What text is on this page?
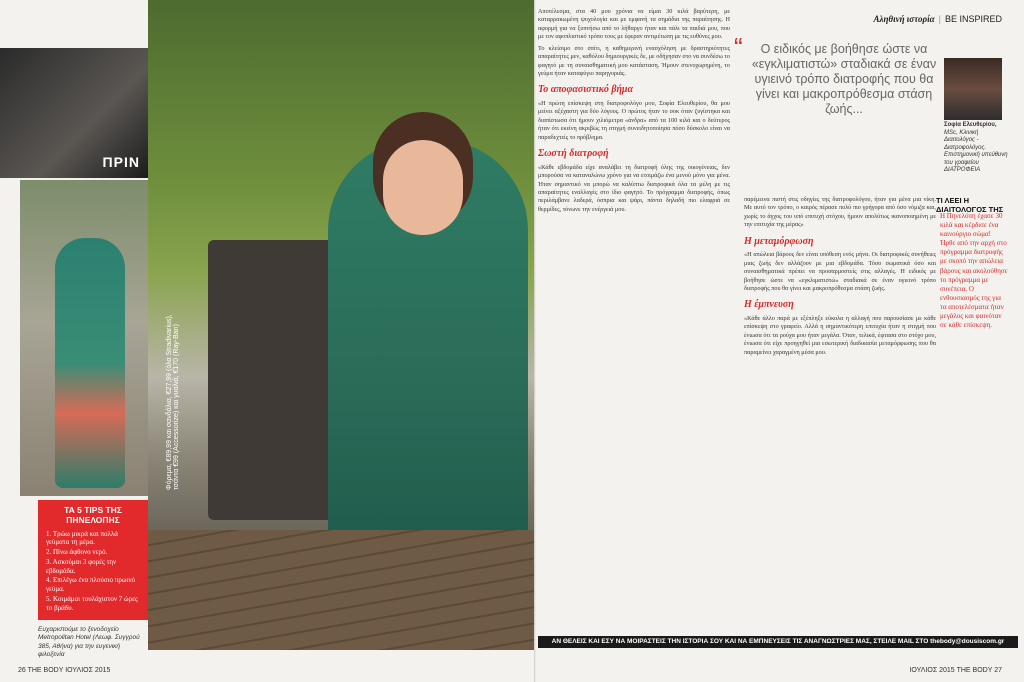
ΠΡΙΝ
Φόρεμα, €89,99 και σανδάλια, €27,99 (όλα Stradivarius), τσάντα €99 (Accessorize) και γυαλιά, €170 (Ray-Ban)
ΤΑ 5 TIPS ΤΗΣ ΠΗΝΕΛΟΠΗΣ
1. Τρώω μικρά και πολλά γεύματα τη μέρα.
2. Πίνω άφθονο νερό.
3. Ασκούμαι 3 φορές την εβδομάδα.
4. Επιλέγω ένα πλούσιο πρωινό γεύμα.
5. Κοιμάμαι τουλάχιστον 7 ώρες το βράδυ.
Ευχαριστούμε το ξενοδοχείο Metropolitan Hotel (Λεωφ. Συγγρού 385, Αθήνα) για την ευγενική φιλοξενία
26 THE BODY ΙΟΥΛΙΟΣ 2015
Αληθινή ιστορία | BE INSPIRED

Αποτέλεσμα, στα 40 μου χρόνια να είμαι 30 κιλά βαρύτερη, με καταρρακωμένη ψυχολογία και με εμφανή τα σημάδια της παραίτησης. Η αφορμή για να ξυπνήσω από το λήθαργο ήταν και πάλι τα παιδιά μου, που με τον αφοπλιστικό τρόπο τους με έφεραν αντιμέτωπη με τις ευθύνες μου.

Το κλείσιμο στο σπίτι, η καθημερινή ενασχόληση με δραστηριότητες απαραίτητες μεν, καθόλου δημιουργικές δε, με οδήγησαν στο να συνδέσω το φαγητό με τη συναισθηματική μου κατάσταση. Ήμουν στενοχωρημένη, το γεύμα ήταν καταφύγιο παρηγοριάς.

Το αποφασιστικό βήμα

«Η πρώτη επίσκεψη στη διατροφολόγο μου, Σοφία Ελευθερίου, θα μου μείνει αξέχαστη για δύο λόγους. Ο πρώτος ήταν το σοκ όταν ζυγίστηκα και διαπίστωσα ότι ήμουν χιλιόμετρα «άνδρα» από τα 100 κιλά και ο δεύτερος ήταν ότι εκείνη ακριβώς τη στιγμή συνειδητοποίησα πόσο δύσκολο είναι να παραδεχτείς το πρόβλημα.

Σωστή διατροφή

«Κάθε εβδομάδα είχε αναλάβει τη διατροφή όλης της οικογένειας, δεν μπορούσα να καταναλώνω χρόνο για να ετοιμάζω ένα μενού μόνο για μένα. Ήταν σημαντικό να μπορώ να καλύπτω διατροφικά όλα τα μέλη με τις απαραίτητες εναλλαγές στο ίδιο φαγητό. Το πρόγραμμα διατροφής, όπως περιλάμβανε λαδερά, όσπρια και ψάρι, πάντα δηλαδή πιο ελαφριά σε θερμίδες, τόνωνε την ενέργειά μου.

“ Ο ειδικός με βοήθησε ώστε να «εγκλιματιστώ» σταδιακά σε έναν υγιεινό τρόπο διατροφής που θα γίνει και μακροπρόθεσμα στάση ζωής...

παρέμεινα πιστή στις οδηγίες της διατροφολόγου, ήταν για μένα μια νίκη. Με αυτό τον τρόπο, ο καιρός πέρασε πολύ πιο γρήγορα από όσο νόμιζα και, χωρίς το άγχος του υπό επιτυχή στόχου, ήμουν απολύτως ικανοποιημένη με την επιτυχία της μέρας»

Η μεταμόρφωση

«Η απώλεια βάρους δεν είναι υπόθεση ενός μήνα. Οι διατροφικές συνήθειες μιας ζωής δεν αλλάζουν με μια εβδομάδα. Τόσο σωματικά όσο και συναισθηματικά πρέπει να προσαρμοστείς στις αλλαγές. Η ειδικός με βοήθησε ώστε να «εγκλιματιστώ» σταδιακά σε έναν υγιεινό τρόπο διατροφής που θα γίνει και μακροπρόθεσμα στάση ζωής.

Η έμπνευση

«Κάθε άλλο παρά με εξέπληξε εύκολα η αλλαγή που παρουσίασε με κάθε επίσκεψη στο γραφείο. Αλλά η σημαντικότερη επιτυχία ήταν η στιγμή που ένιωσα ότι τα ρούχα μου ήταν μεγάλα. Όταν, τελικά, έφτασα στο στόχο μου, ένιωσα ότι είχε προηγηθεί μια εσωτερική διαδικασία μεταμόρφωσης που θα παραμείνει χαραγμένη μέσα μου.

Σοφία Ελευθερίου, MSc, Κλινική Διαιτολόγος - Διατροφολόγος. Επιστημονική υπεύθυνη του γραφείου ΔΙΑΤΡΟΦΕΙΑ
ΤΙ ΛΕΕΙ Η ΔΙΑΙΤΟΛΟΓΟΣ ΤΗΣ
Η Πηνελόπη έχασε 30 κιλά και κέρδισε ένα καινούργιο σώμα! Ήρθε από την αρχή στο πρόγραμμα διατροφής με σκοπό την απώλεια βάρους και ακολούθησε το πρόγραμμα με συνέπεια. Ο ενθουσιασμός της για τα αποτελέσματα ήταν μεγάλος και φαινόταν σε κάθε επίσκεψη.
ΑΝ ΘΕΛΕΙΣ ΚΑΙ ΕΣΥ ΝΑ ΜΟΙΡΑΣΤΕΙΣ ΤΗΝ ΙΣΤΟΡΙΑ ΣΟΥ ΚΑΙ ΝΑ ΕΜΠΝΕΥΣΕΙΣ ΤΙΣ ΑΝΑΓΝΩΣΤΡΙΕΣ ΜΑΣ, ΣΤΕΙΛΕ MAIL ΣΤΟ thebody@dousiscom.gr
ΙΟΥΛΙΟΣ 2015 THE BODY 27
